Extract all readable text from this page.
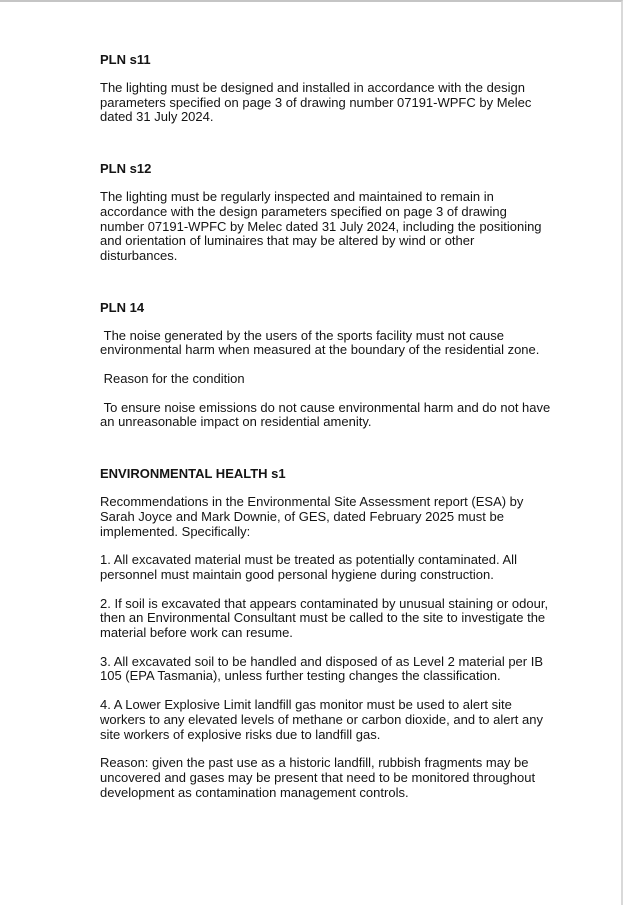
PLN s11

The lighting must be designed and installed in accordance with the design parameters specified on page 3 of drawing number 07191-WPFC by Melec dated 31 July 2024.

PLN s12

The lighting must be regularly inspected and maintained to remain in accordance with the design parameters specified on page 3 of drawing number 07191-WPFC by Melec dated 31 July 2024, including the positioning and orientation of luminaires that may be altered by wind or other disturbances.

PLN 14

The noise generated by the users of the sports facility must not cause environmental harm when measured at the boundary of the residential zone.

Reason for the condition

To ensure noise emissions do not cause environmental harm and do not have an unreasonable impact on residential amenity.

ENVIRONMENTAL HEALTH s1

Recommendations in the Environmental Site Assessment report (ESA) by Sarah Joyce and Mark Downie, of GES, dated February 2025 must be implemented. Specifically:

1. All excavated material must be treated as potentially contaminated. All personnel must maintain good personal hygiene during construction.

2. If soil is excavated that appears contaminated by unusual staining or odour, then an Environmental Consultant must be called to the site to investigate the material before work can resume.

3. All excavated soil to be handled and disposed of as Level 2 material per IB 105 (EPA Tasmania), unless further testing changes the classification.

4. A Lower Explosive Limit landfill gas monitor must be used to alert site workers to any elevated levels of methane or carbon dioxide, and to alert any site workers of explosive risks due to landfill gas.

Reason: given the past use as a historic landfill, rubbish fragments may be uncovered and gases may be present that need to be monitored throughout development as contamination management controls.
